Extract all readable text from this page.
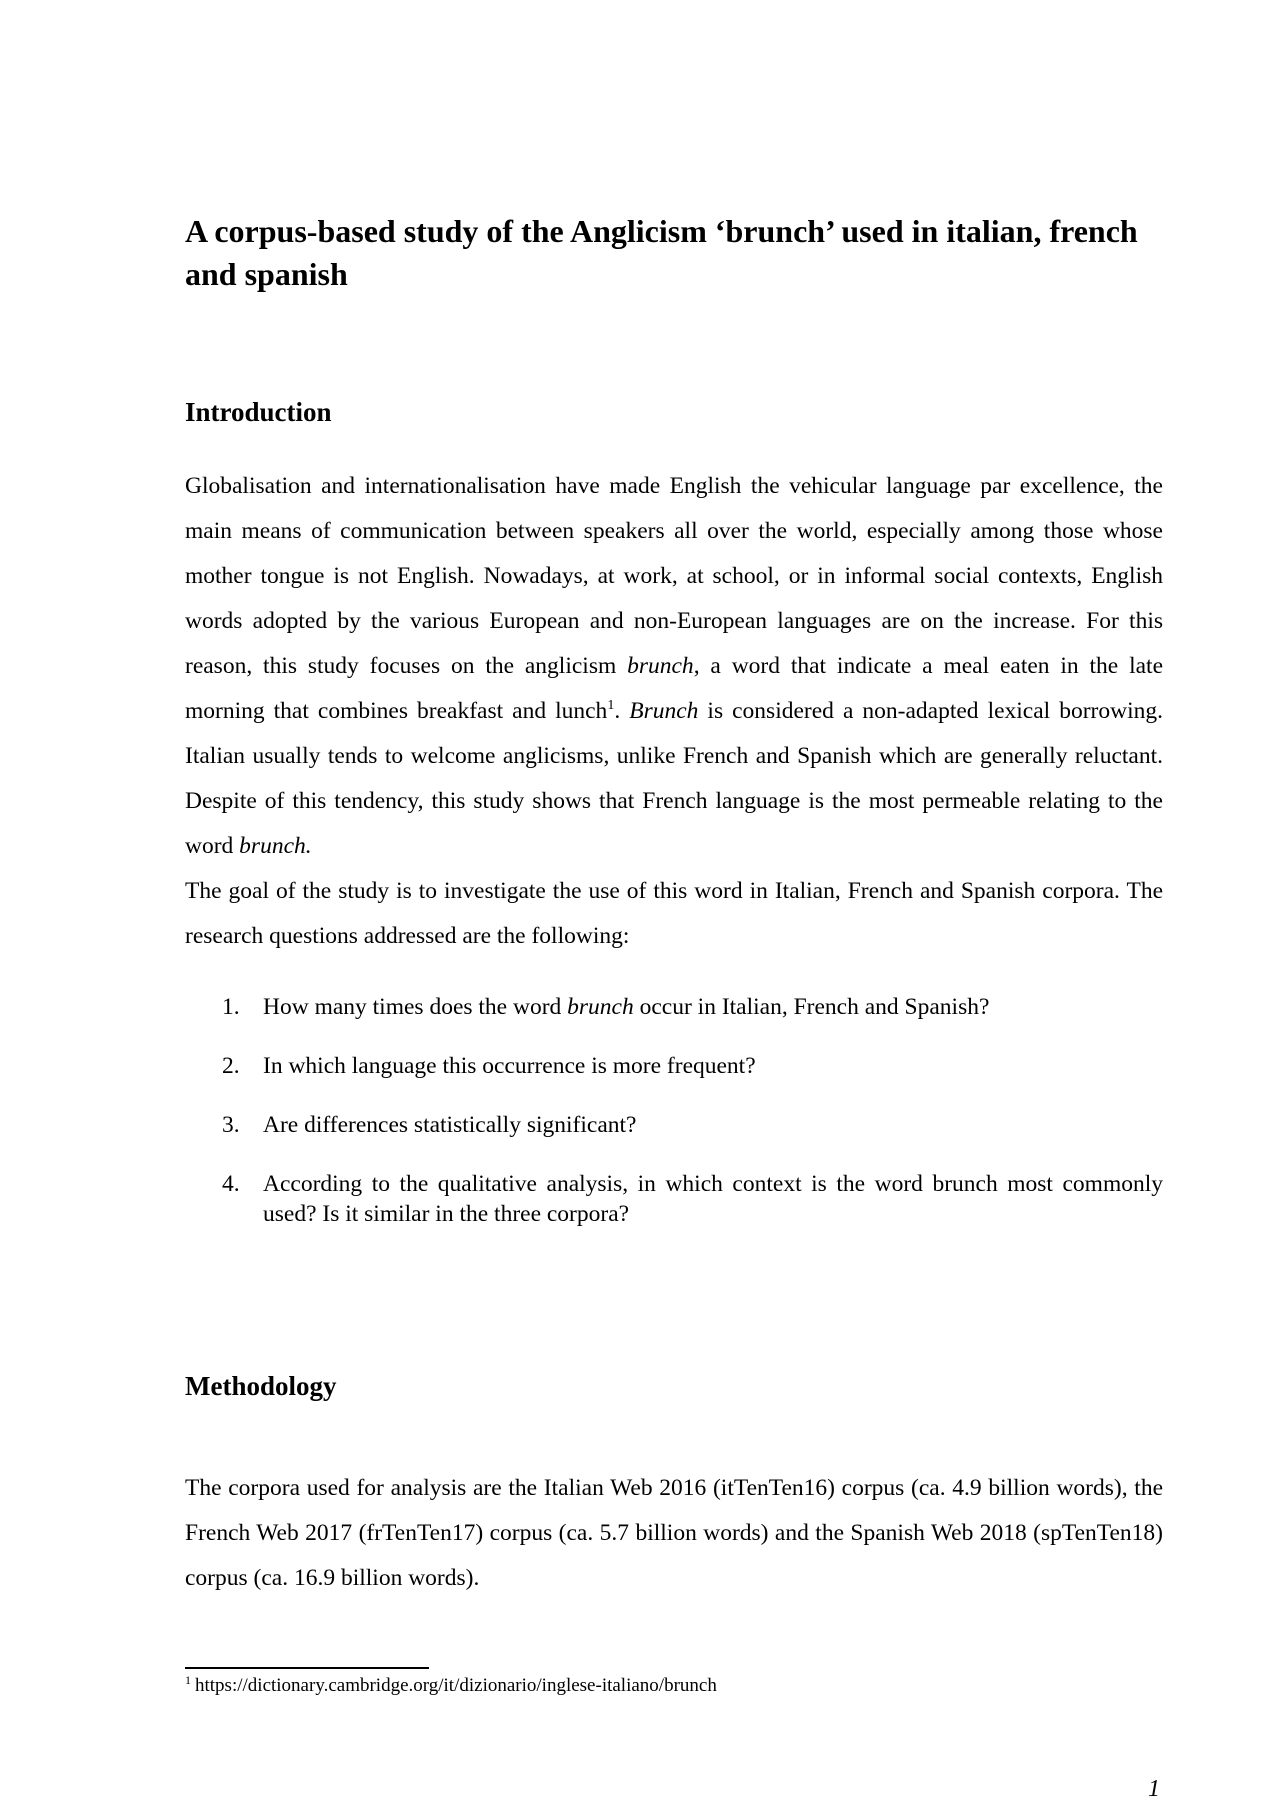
A corpus-based study of the Anglicism ‘brunch’ used in italian, french and spanish
Introduction

Globalisation and internationalisation have made English the vehicular language par excellence, the main means of communication between speakers all over the world, especially among those whose mother tongue is not English. Nowadays, at work, at school, or in informal social contexts, English words adopted by the various European and non-European languages are on the increase. For this reason, this study focuses on the anglicism brunch, a word that indicate a meal eaten in the late morning that combines breakfast and lunch$^1$. Brunch is considered a non-adapted lexical borrowing. Italian usually tends to welcome anglicisms, unlike French and Spanish which are generally reluctant. Despite of this tendency, this study shows that French language is the most permeable relating to the word brunch.

The goal of the study is to investigate the use of this word in Italian, French and Spanish corpora. The research questions addressed are the following:

1. How many times does the word brunch occur in Italian, French and Spanish?
2. In which language this occurrence is more frequent?
3. Are differences statistically significant?
4. According to the qualitative analysis, in which context is the word brunch most commonly used? Is it similar in the three corpora?
Methodology

The corpora used for analysis are the Italian Web 2016 (itTenTen16) corpus (ca. 4.9 billion words), the French Web 2017 (frTenTen17) corpus (ca. 5.7 billion words) and the Spanish Web 2018 (spTenTen18) corpus (ca. 16.9 billion words).

$^1$ https://dictionary.cambridge.org/it/dizionario/inglese-italiano/brunch
1
